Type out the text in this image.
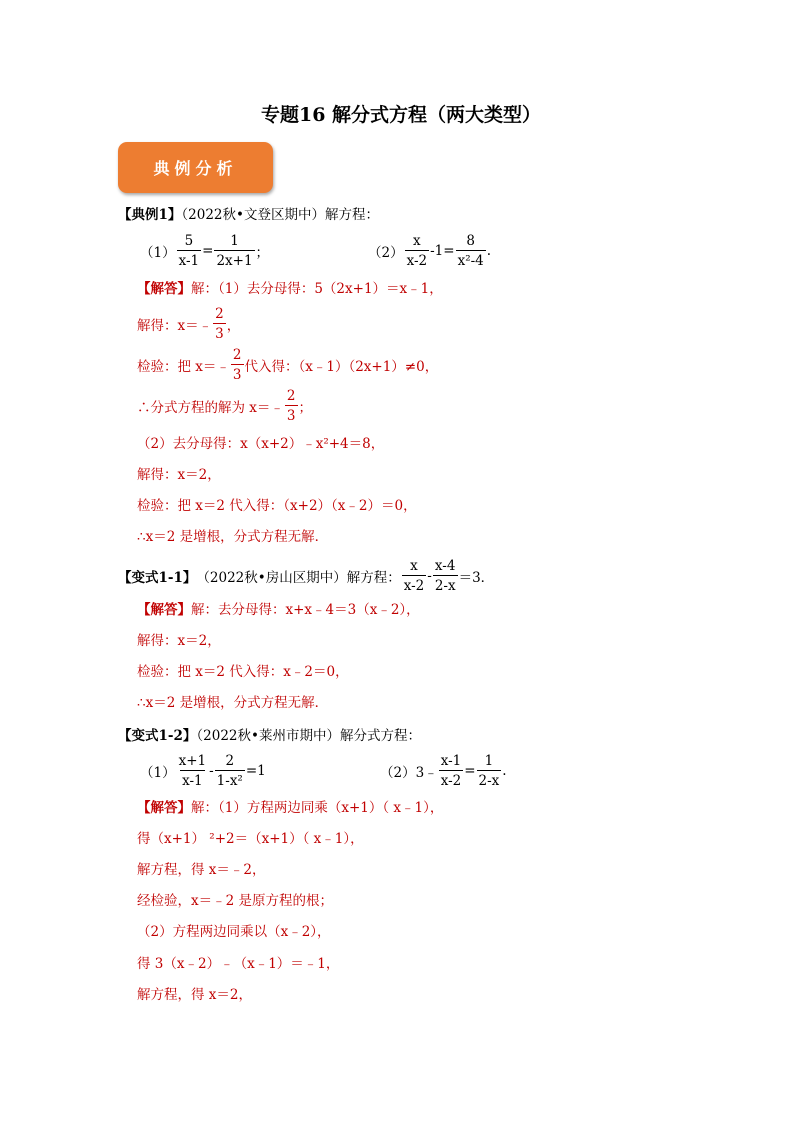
专题16 解分式方程（两大类型）
典例分析
【典例1】（2022秋•文登区期中）解方程：
$(1) \frac{5}{x-1} = \frac{1}{2x+1}$ ；	$(2) \frac{x}{x-2} -1= \frac{8}{\text{x²-4}}$ .
【解答】解：（1）去分母得：5（2x+1）＝x﹣1，
解得：x＝﹣ $\frac{2}{3}$ ，
检验：把 x＝﹣ $\frac{2}{3}$ 代入得：（x﹣1）（2x+1）≠0，
∴分式方程的解为 x＝﹣ $\frac{2}{3}$ ；
（2）去分母得：x（x+2）﹣x²+4＝8，
解得：x＝2，
检验：把 x＝2 代入得：（x+2）（x﹣2）＝0，
∴x＝2 是增根，分式方程无解．
【变式1-1】 （2022秋•房山区期中）解方程： $\frac{x}{x-2} - \frac{x-4}{2-x} =3$．
【解答】解：去分母得：x+x﹣4＝3（x﹣2），
解得：x＝2，
检验：把 x＝2 代入得：x﹣2＝0，
∴x＝2 是增根，分式方程无解．
【变式1-2】（2022秋•莱州市期中）解分式方程：
$(1) \frac{x+1}{x-1} - \frac{2}{\text{1-x²}} =1$	（2）3﹣ $\frac{x-1}{x-2} = \frac{1}{2-x}$ .
【解答】解：（1）方程两边同乘（x+1）（ x﹣1），
得（x+1） ²+2＝（x+1）（ x﹣1），
解方程，得 x＝﹣2，
经检验，x＝﹣2 是原方程的根；
（2）方程两边同乘以（x﹣2），
得 3（x﹣2）﹣（x﹣1）＝﹣1，
解方程，得 x＝2，
